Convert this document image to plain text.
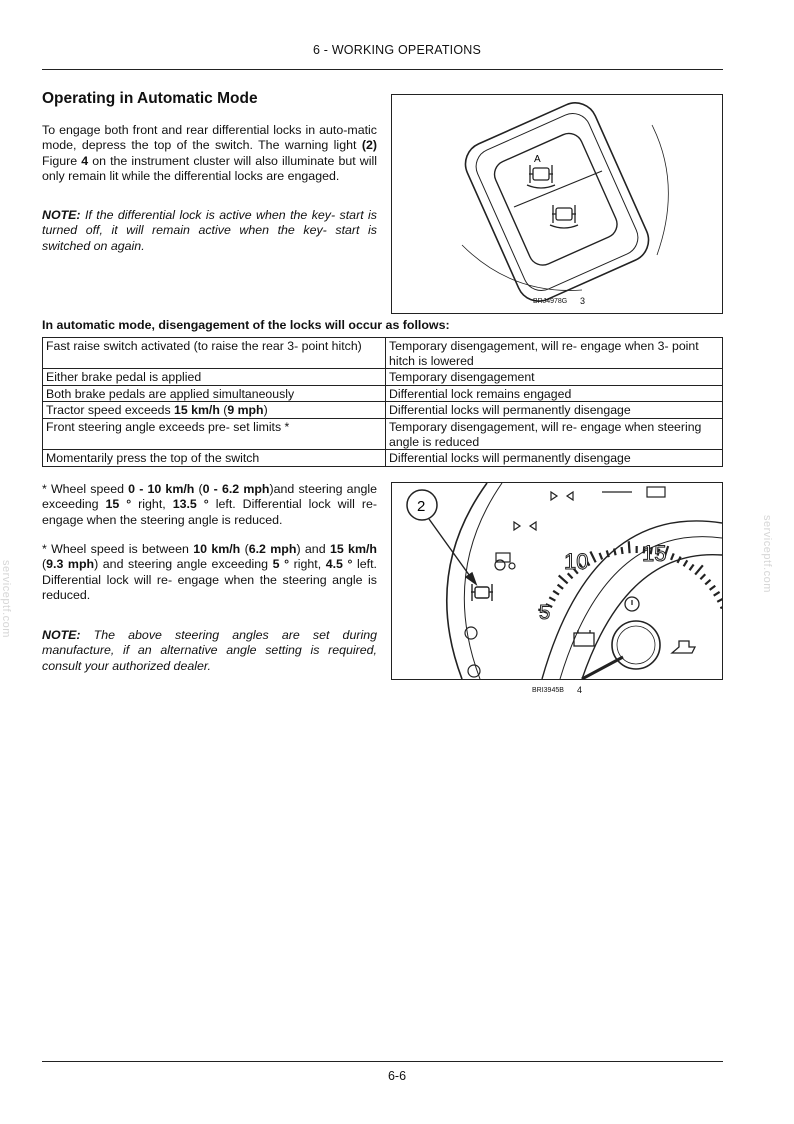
6 - WORKING OPERATIONS
Operating in Automatic Mode

To engage both front and rear differential locks in auto-matic mode, depress the top of the switch. The warning light (2) Figure 4 on the instrument cluster will also illuminate but will only remain lit while the differential locks are engaged.

NOTE: If the differential lock is active when the key- start is turned off, it will remain active when the key- start is switched on again.

A
BRJ4978G 3

In automatic mode, disengagement of the locks will occur as follows:

Fast raise switch activated (to raise the rear 3- point hitch)	Temporary disengagement, will re- engage when 3- point hitch is lowered
Either brake pedal is applied	Temporary disengagement
Both brake pedals are applied simultaneously	Differential lock remains engaged
Tractor speed exceeds 15 km/h (9 mph)	Differential locks will permanently disengage
Front steering angle exceeds pre- set limits *	Temporary disengagement, will re- engage when steering angle is reduced
Momentarily press the top of the switch	Differential locks will permanently disengage

* Wheel speed 0 - 10 km/h (0 - 6.2 mph)and steering angle exceeding 15 ° right, 13.5 ° left. Differential lock will re- engage when the steering angle is reduced.

* Wheel speed is between 10 km/h (6.2 mph) and 15 km/h (9.3 mph) and steering angle exceeding 5 ° right, 4.5 ° left. Differential lock will re- engage when the steering angle is reduced.

NOTE: The above steering angles are set during manufacture, if an alternative angle setting is required, consult your authorized dealer.

10 15
5
2
BRI3945B 4
serviceptf.com
serviceptf.com
6-6
